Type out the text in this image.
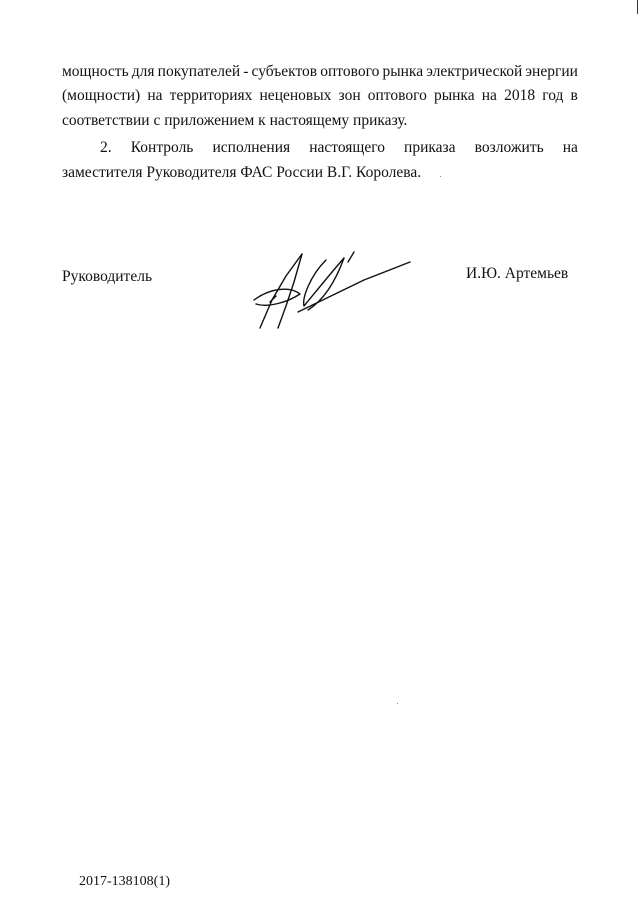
мощность для покупателей - субъектов оптового рынка электрической энергии
(мощности) на территориях неценовых зон оптового рынка на 2018 год в
соответствии с приложением к настоящему приказу.
2. Контроль исполнения настоящего приказа возложить на
заместителя Руководителя ФАС России В.Г. Королева.
Руководитель	И.Ю. Артемьев
2017-138108(1)
